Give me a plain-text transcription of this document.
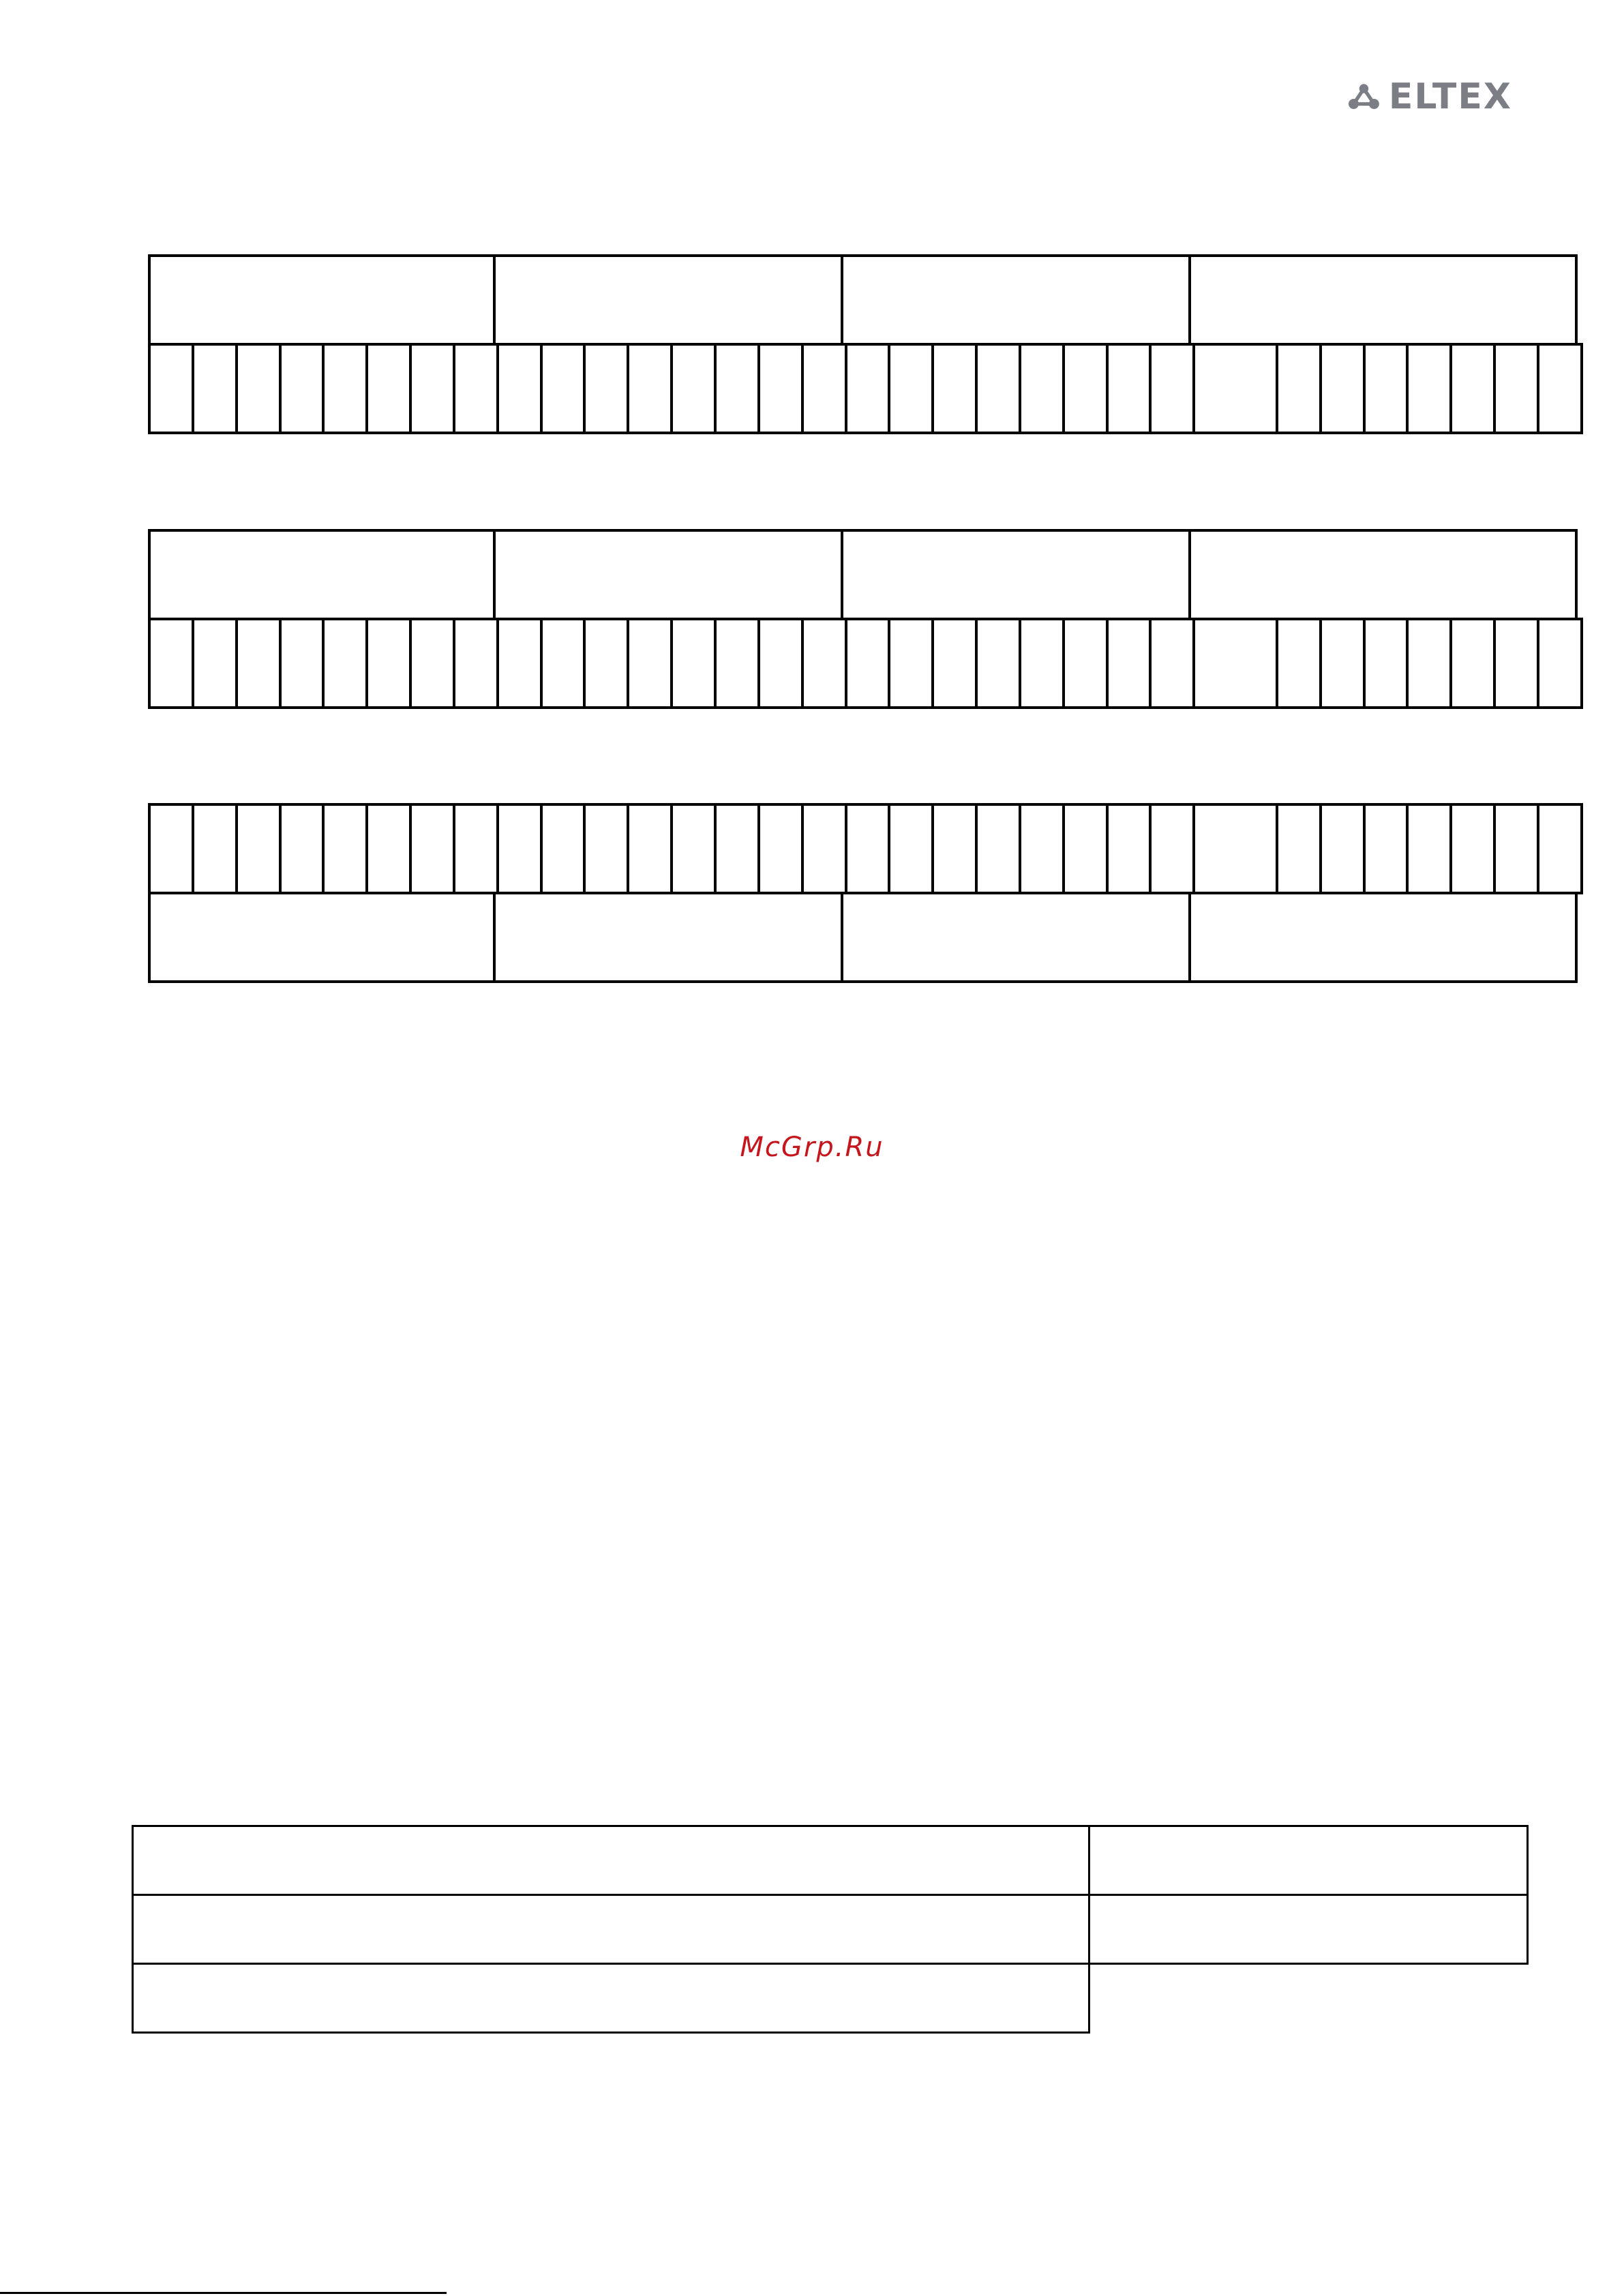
ELTEX
McGrp.Ru
